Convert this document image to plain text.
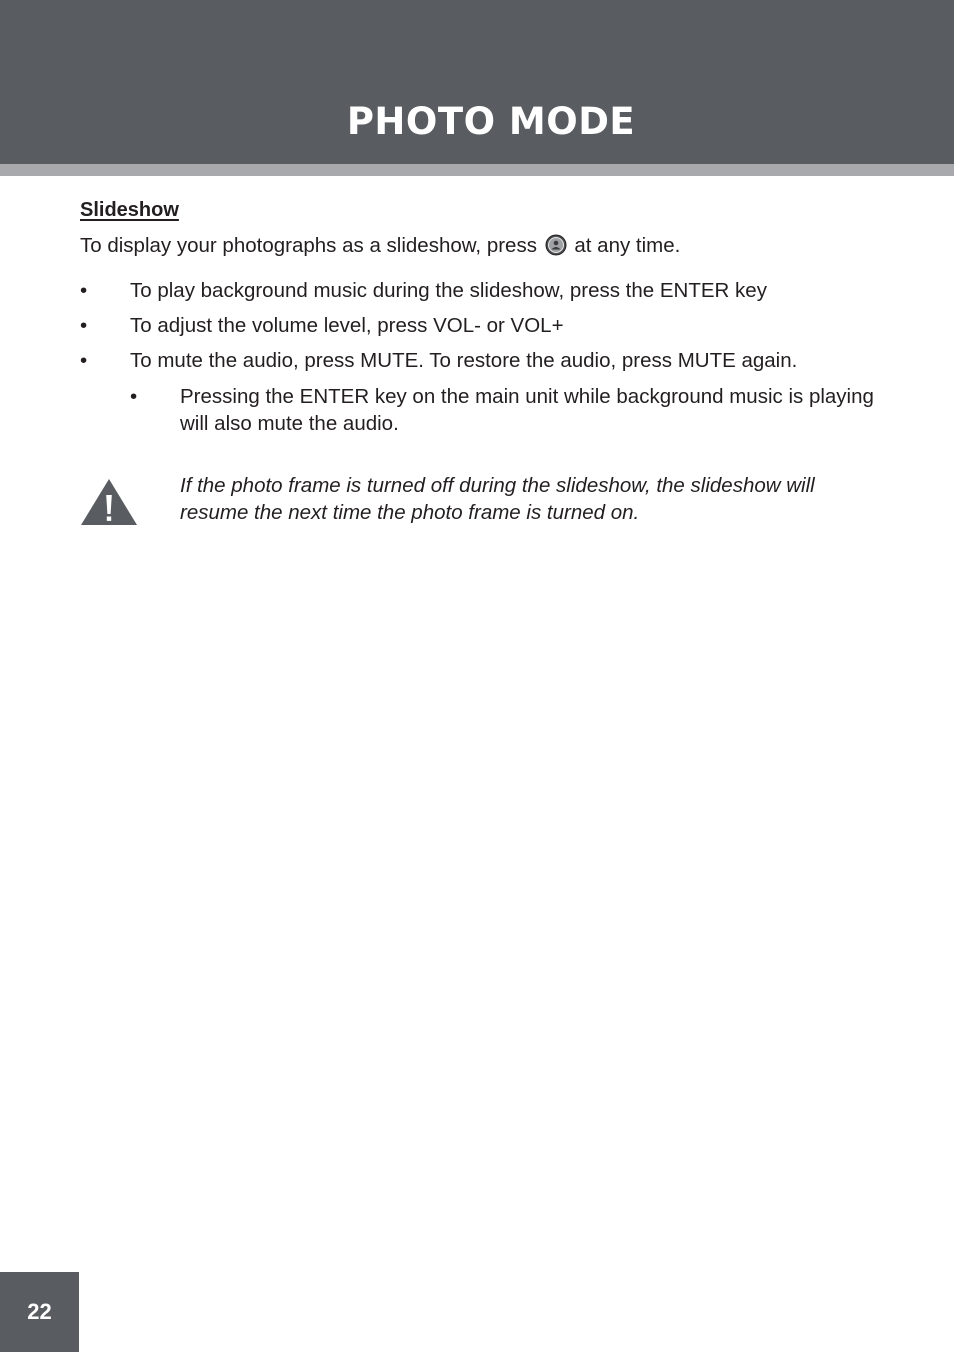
PHOTO MODE
Slideshow
To display your photographs as a slideshow, press at any time.
• To play background music during the slideshow, press the ENTER key
• To adjust the volume level, press VOL- or VOL+
• To mute the audio, press MUTE. To restore the audio, press MUTE again.
• Pressing the ENTER key on the main unit while background music is playing will also mute the audio.
If the photo frame is turned off during the slideshow, the slideshow will resume the next time the photo frame is turned on.
22
